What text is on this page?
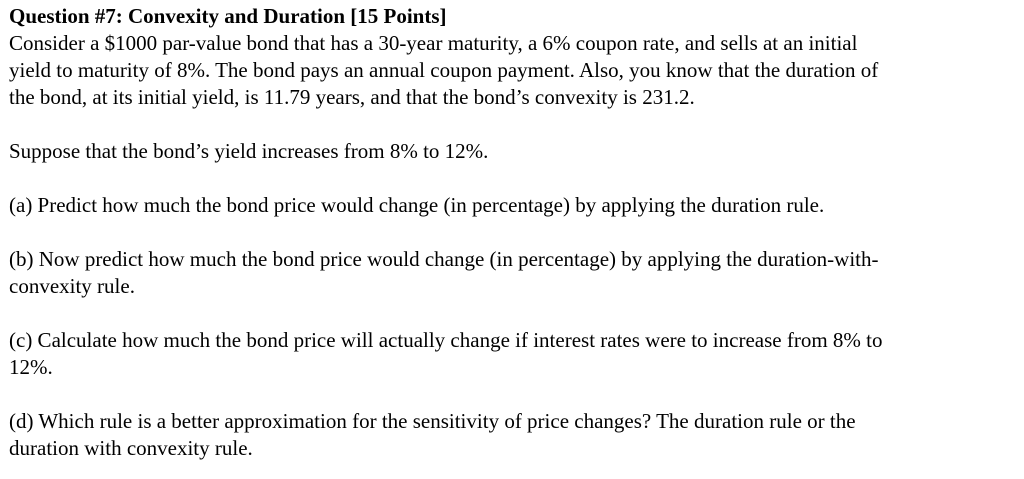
Question #7: Convexity and Duration [15 Points]

Consider a $1000 par-value bond that has a 30-year maturity, a 6% coupon rate, and sells at an initial

yield to maturity of 8%. The bond pays an annual coupon payment. Also, you know that the duration of

the bond, at its initial yield, is 11.79 years, and that the bond’s convexity is 231.2.

Suppose that the bond’s yield increases from 8% to 12%.

(a) Predict how much the bond price would change (in percentage) by applying the duration rule.

(b) Now predict how much the bond price would change (in percentage) by applying the duration-with-

convexity rule.

(c) Calculate how much the bond price will actually change if interest rates were to increase from 8% to

12%.

(d) Which rule is a better approximation for the sensitivity of price changes? The duration rule or the

duration with convexity rule.
